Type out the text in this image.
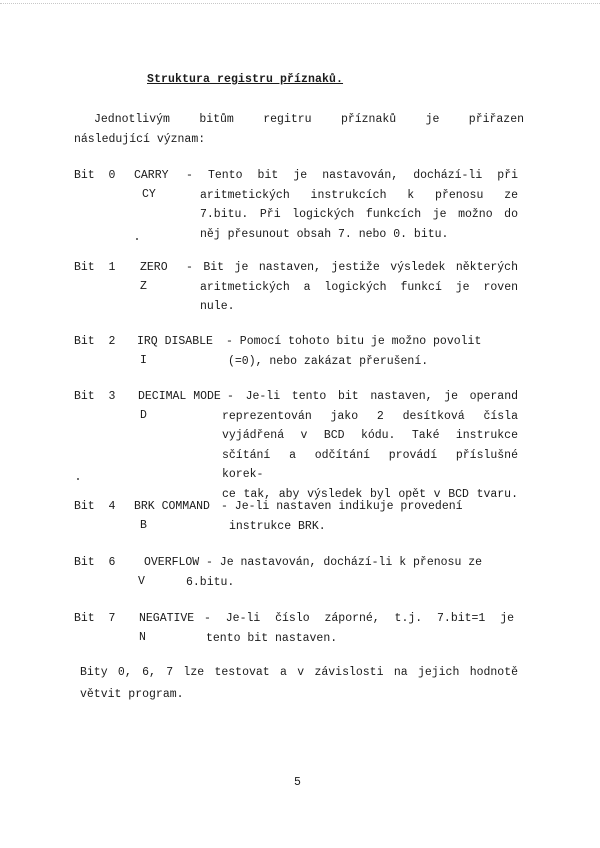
Struktura registru příznaků.
Jednotlivým bitům regitru příznaků je přiřazen
následující význam:
Bit  0 CARRY
CY
- Tento bit je nastavován, dochází-li při
aritmetických instrukcích k přenosu ze
7.bitu. Při logických funkcích je možno do
něj přesunout obsah 7. nebo 0. bitu.
Bit  1 ZERO
Z
- Bit je nastaven, jestiže výsledek některých
aritmetických a logických funkcí je roven
nule.
Bit  2 IRQ DISABLE
I
- Pomocí tohoto bitu je možno povolit
(=0), nebo zakázat přerušení.
Bit  3 DECIMAL MODE
D
- Je-li tento bit nastaven, je operand
reprezentován jako 2 desítková čísla
vyjádřená v BCD kódu. Také instrukce
sčítání a odčítání provádí příslušné korek-
ce tak, aby výsledek byl opět v BCD tvaru.
Bit  4 BRK COMMAND
B
- Je-li nastaven indikuje provedení
instrukce BRK.
Bit  6 OVERFLOW
V
- Je nastavován, dochází-li k přenosu ze
6.bitu.
Bit  7 NEGATIVE
N
- Je-li číslo záporné, t.j. 7.bit=1 je
tento bit nastaven.
Bity 0, 6, 7 lze testovat a v závislosti na jejich hodnotě
větvit program.
5
